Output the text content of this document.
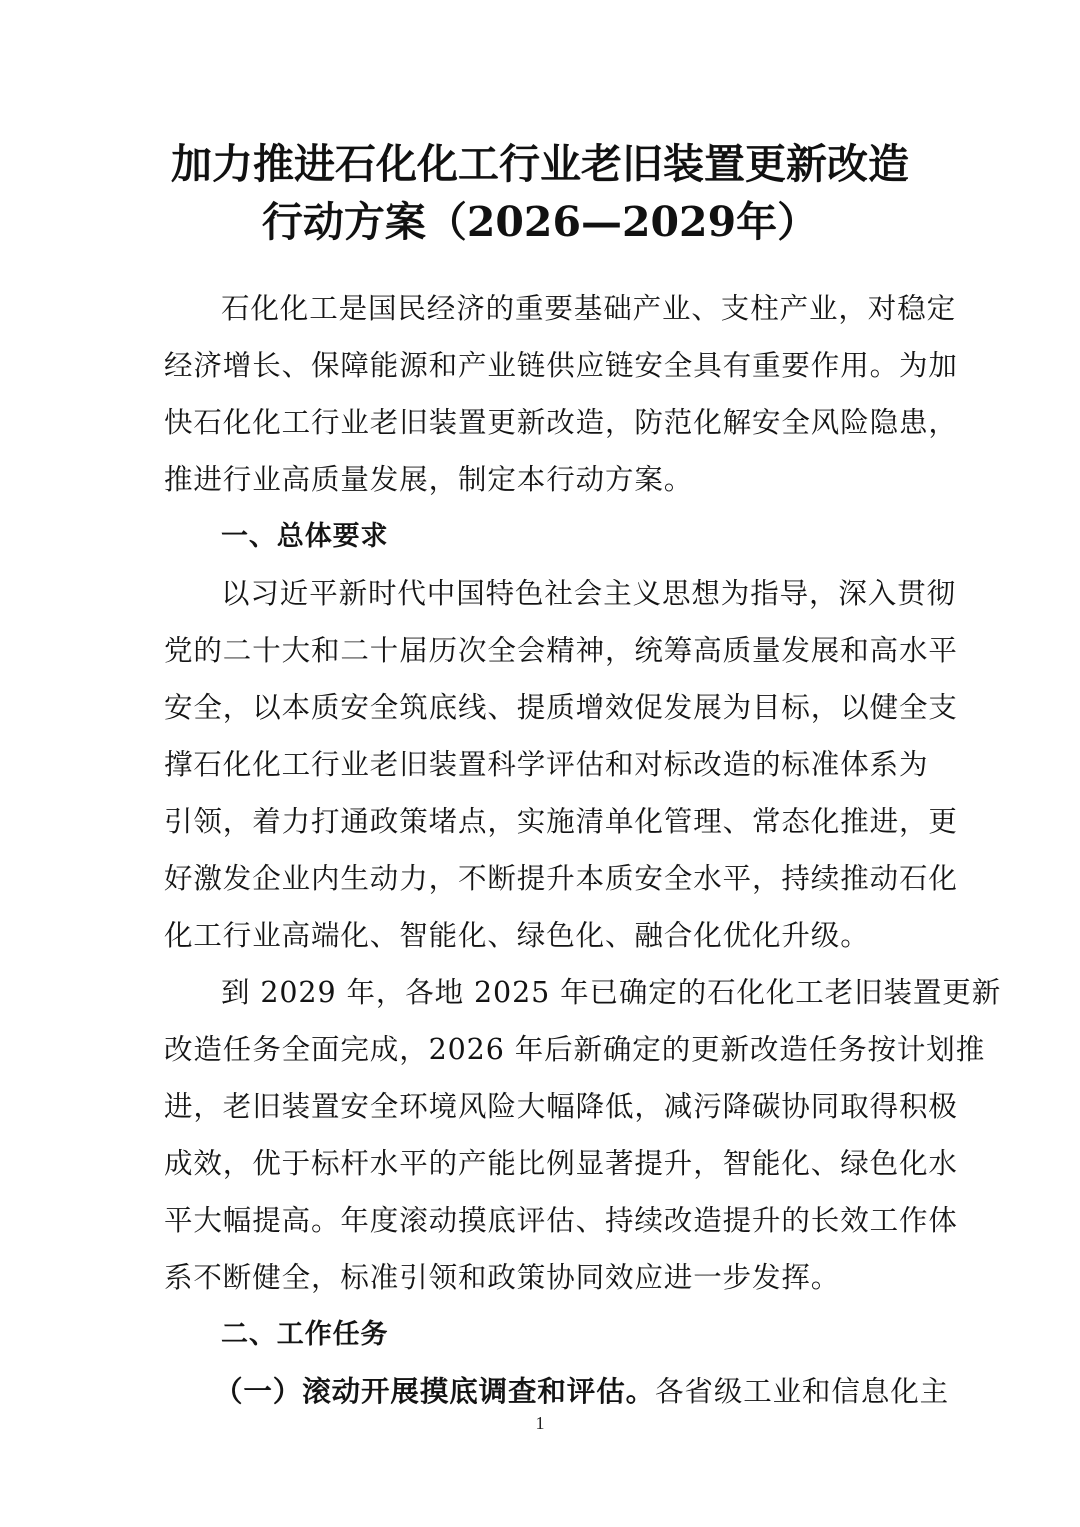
加力推进石化化工行业老旧装置更新改造
行动方案（2026—2029年）
石化化工是国民经济的重要基础产业、支柱产业，对稳定
经济增长、保障能源和产业链供应链安全具有重要作用。为加
快石化化工行业老旧装置更新改造，防范化解安全风险隐患，
推进行业高质量发展，制定本行动方案。
一、总体要求
以习近平新时代中国特色社会主义思想为指导，深入贯彻
党的二十大和二十届历次全会精神，统筹高质量发展和高水平
安全，以本质安全筑底线、提质增效促发展为目标，以健全支
撑石化化工行业老旧装置科学评估和对标改造的标准体系为
引领，着力打通政策堵点，实施清单化管理、常态化推进，更
好激发企业内生动力，不断提升本质安全水平，持续推动石化
化工行业高端化、智能化、绿色化、融合化优化升级。
到 2029 年，各地 2025 年已确定的石化化工老旧装置更新
改造任务全面完成，2026 年后新确定的更新改造任务按计划推
进，老旧装置安全环境风险大幅降低，减污降碳协同取得积极
成效，优于标杆水平的产能比例显著提升，智能化、绿色化水
平大幅提高。年度滚动摸底评估、持续改造提升的长效工作体
系不断健全，标准引领和政策协同效应进一步发挥。
二、工作任务
（一）滚动开展摸底调查和评估。各省级工业和信息化主
1
